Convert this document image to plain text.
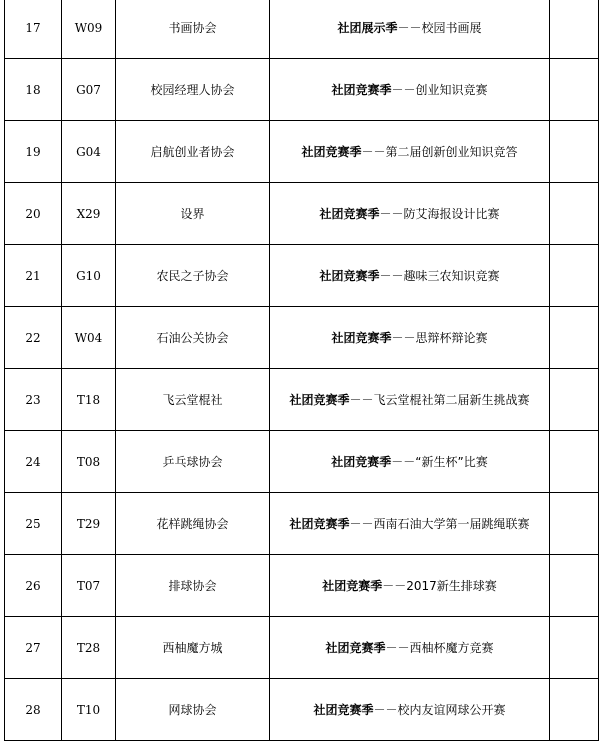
17	W09	书画协会	社团展示季－－校园书画展	
18	G07	校园经理人协会	社团竞赛季－－创业知识竞赛	
19	G04	启航创业者协会	社团竞赛季－－第二届创新创业知识竞答	
20	X29	设界	社团竞赛季－－防艾海报设计比赛	
21	G10	农民之子协会	社团竞赛季－－趣味三农知识竞赛	
22	W04	石油公关协会	社团竞赛季－－思辩杯辩论赛	
23	T18	飞云堂棍社	社团竞赛季－－飞云堂棍社第二届新生挑战赛	
24	T08	乒乓球协会	社团竞赛季－－“新生杯”比赛	
25	T29	花样跳绳协会	社团竞赛季－－西南石油大学第一届跳绳联赛	
26	T07	排球协会	社团竞赛季－－2017新生排球赛	
27	T28	西柚魔方城	社团竞赛季－－西柚杯魔方竞赛	
28	T10	网球协会	社团竞赛季－－校内友谊网球公开赛	
